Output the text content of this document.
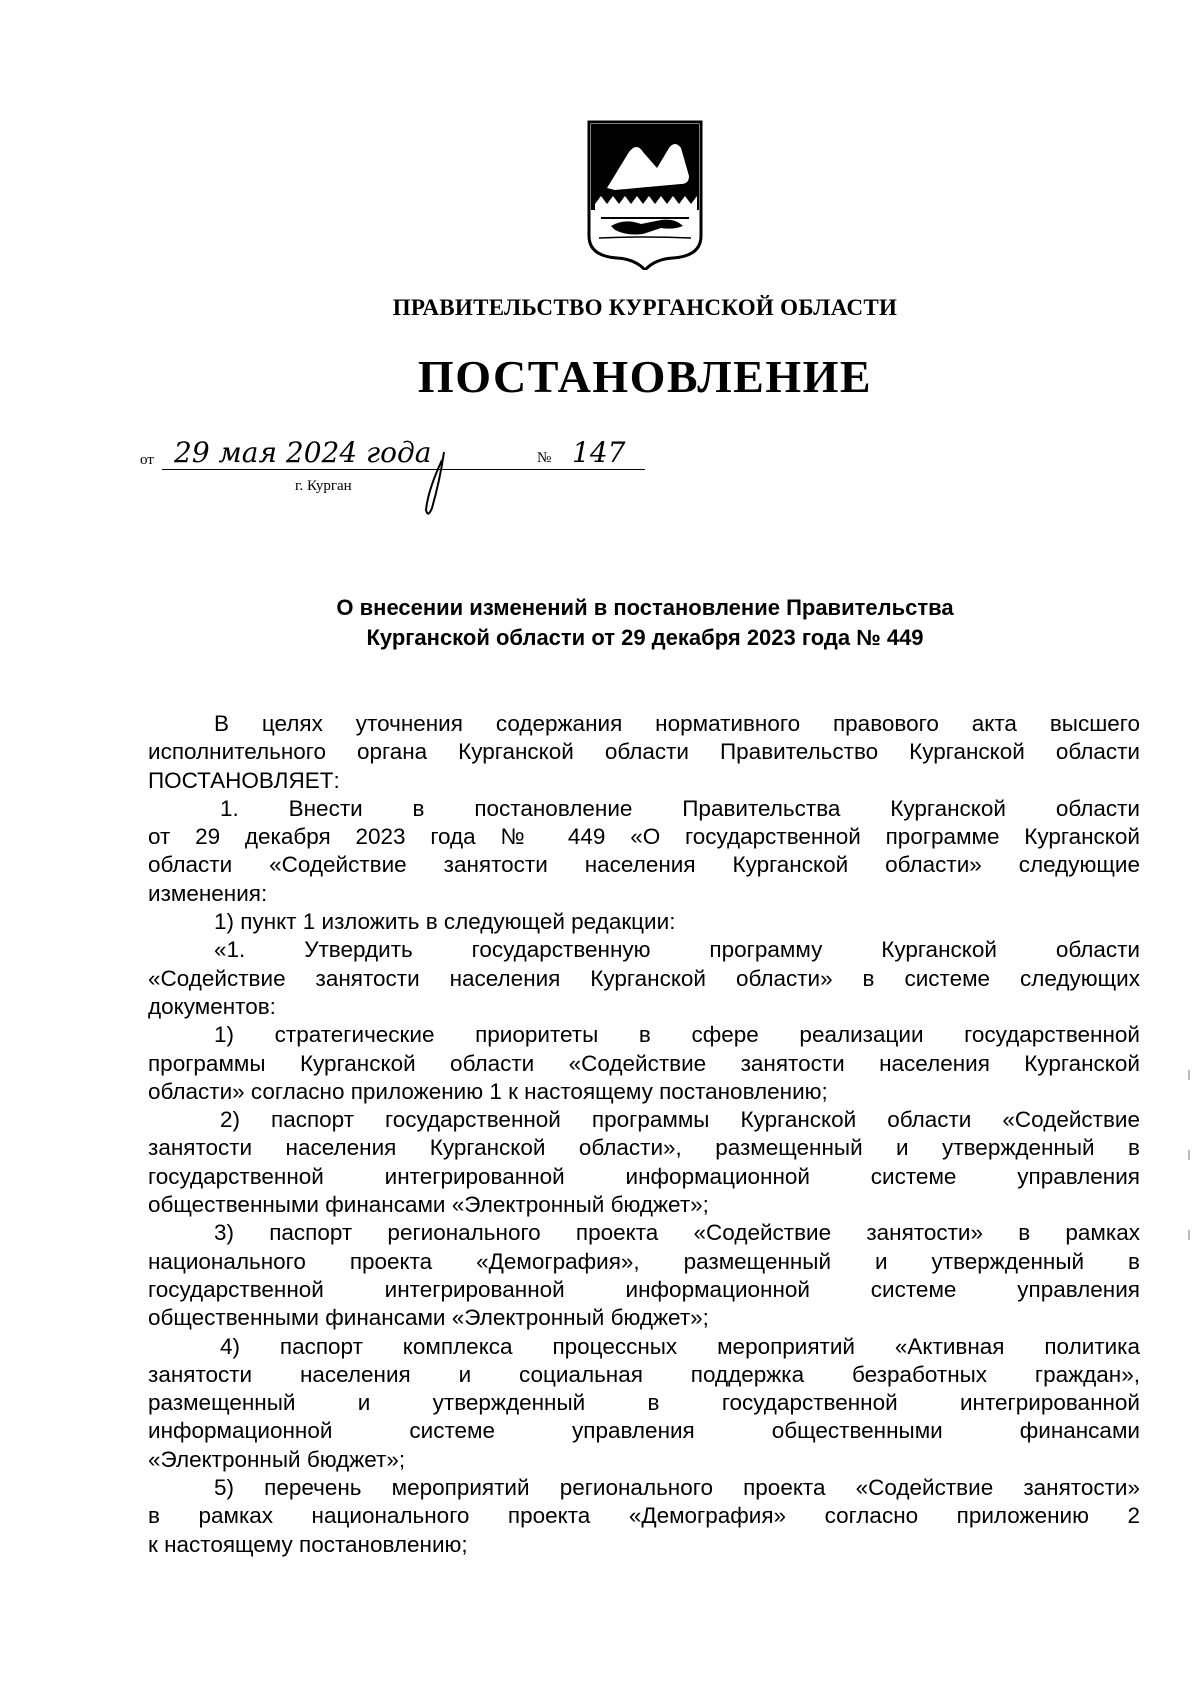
ПРАВИТЕЛЬСТВО КУРГАНСКОЙ ОБЛАСТИ
ПОСТАНОВЛЕНИЕ
от 29 мая 2024 года	№ 147
г. Курган
О внесении изменений в постановление Правительства
Курганской области от 29 декабря 2023 года № 449

В целях уточнения содержания нормативного правового акта высшего

исполнительного органа Курганской области Правительство Курганской области

ПОСТАНОВЛЯЕТ:

1. Внести в постановление Правительства Курганской области

от 29 декабря 2023 года № 449 «О государственной программе Курганской

области «Содействие занятости населения Курганской области» следующие

изменения:

1) пункт 1 изложить в следующей редакции:

«1. Утвердить государственную программу Курганской области

«Содействие занятости населения Курганской области» в системе следующих

документов:

1) стратегические приоритеты в сфере реализации государственной

программы Курганской области «Содействие занятости населения Курганской

области» согласно приложению 1 к настоящему постановлению;

2) паспорт государственной программы Курганской области «Содействие

занятости населения Курганской области», размещенный и утвержденный в

государственной интегрированной информационной системе управления

общественными финансами «Электронный бюджет»;

3) паспорт регионального проекта «Содействие занятости» в рамках

национального проекта «Демография», размещенный и утвержденный в

государственной интегрированной информационной системе управления

общественными финансами «Электронный бюджет»;

4) паспорт комплекса процессных мероприятий «Активная политика

занятости населения и социальная поддержка безработных граждан»,

размещенный и утвержденный в государственной интегрированной

информационной системе управления общественными финансами

«Электронный бюджет»;

5) перечень мероприятий регионального проекта «Содействие занятости»

в рамках национального проекта «Демография» согласно приложению 2

к настоящему постановлению;
